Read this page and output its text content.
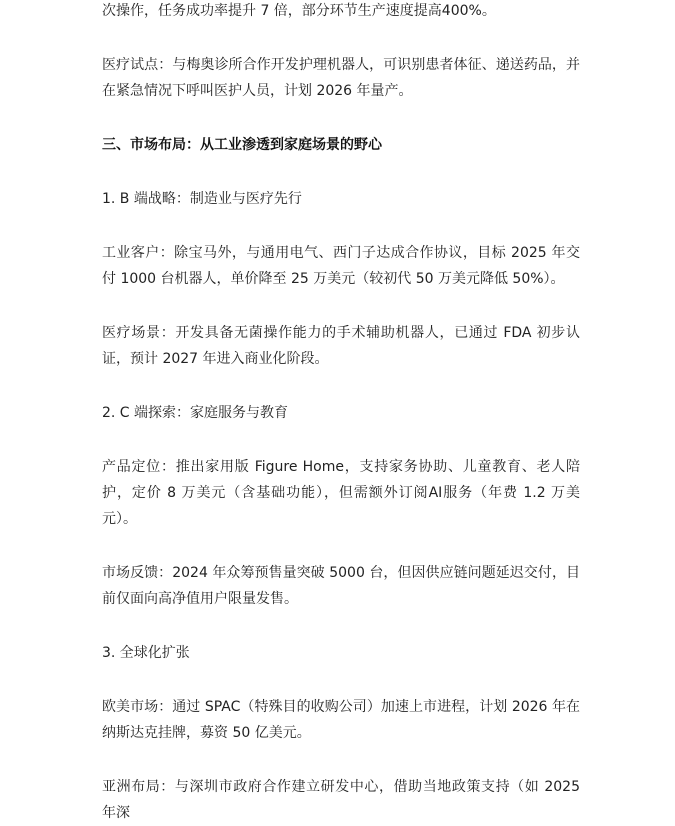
次操作，任务成功率提升 7 倍，部分环节生产速度提高400%。

医疗试点：与梅奥诊所合作开发护理机器人，可识别患者体征、递送药品，并在紧急情况下呼叫医护人员，计划 2026 年量产。

三、市场布局：从工业渗透到家庭场景的野心

1. B 端战略：制造业与医疗先行

工业客户：除宝马外，与通用电气、西门子达成合作协议，目标 2025 年交付 1000 台机器人，单价降至 25 万美元（较初代 50 万美元降低 50%）。

医疗场景：开发具备无菌操作能力的手术辅助机器人，已通过 FDA 初步认证，预计 2027 年进入商业化阶段。

2. C 端探索：家庭服务与教育

产品定位：推出家用版 Figure Home，支持家务协助、儿童教育、老人陪护，定价 8 万美元（含基础功能），但需额外订阅AI服务（年费 1.2 万美元）。

市场反馈：2024 年众筹预售量突破 5000 台，但因供应链问题延迟交付，目前仅面向高净值用户限量发售。

3. 全球化扩张

欧美市场：通过 SPAC（特殊目的收购公司）加速上市进程，计划 2026 年在纳斯达克挂牌，募资 50 亿美元。

亚洲布局：与深圳市政府合作建立研发中心，借助当地政策支持（如 2025 年深
